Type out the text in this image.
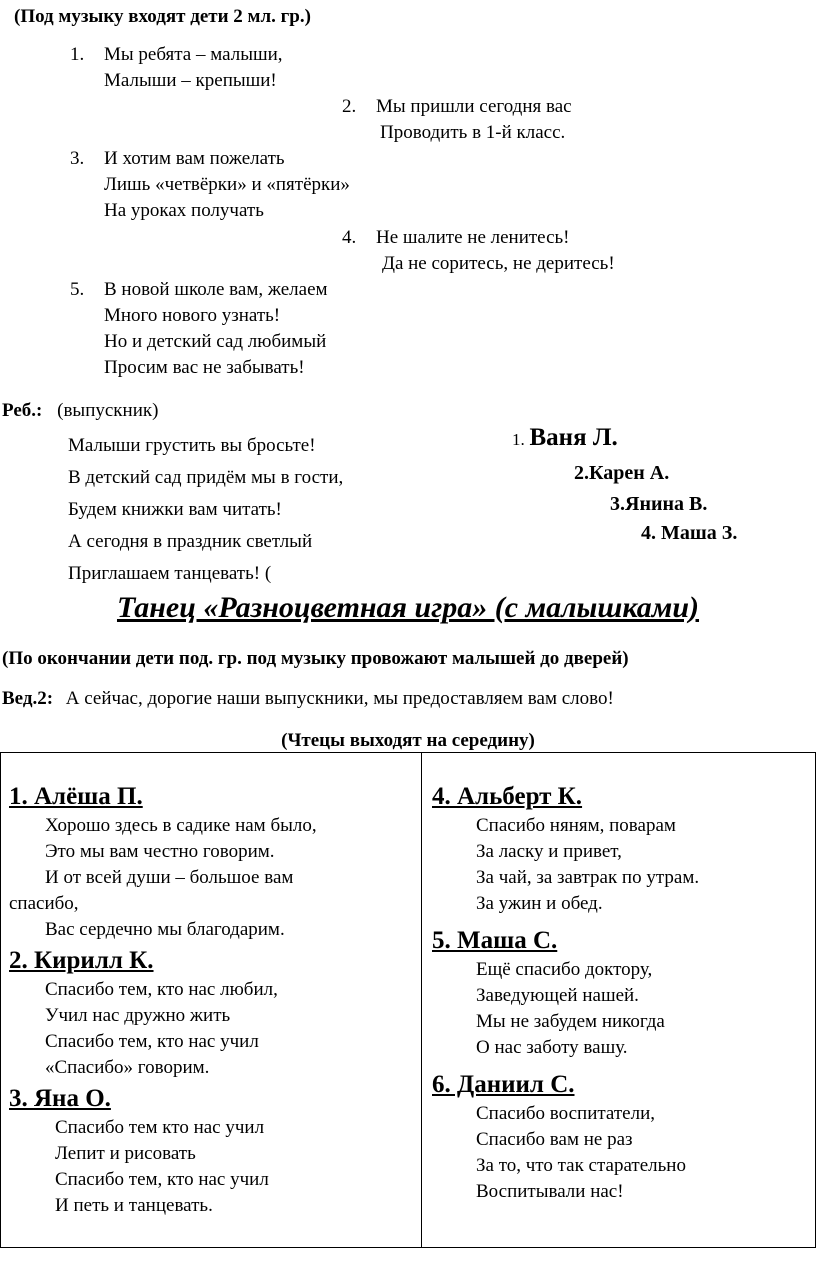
(Под музыку входят дети 2 мл. гр.)
1. Мы ребята – малыши,
Малыши – крепыши!
2. Мы пришли сегодня вас
Проводить в 1-й класс.
3. И хотим вам пожелать
Лишь «четвёрки» и «пятёрки»
На уроках получать
4. Не шалите не ленитесь!
Да не соритесь, не деритесь!
5. В новой школе вам, желаем
Много нового узнать!
Но и детский сад любимый
Просим вас не забывать!
Реб.: (выпускник)
Малыши грустить вы бросьте!
В детский сад придём мы в гости,
Будем книжки вам читать!
А сегодня в праздник светлый
Приглашаем танцевать! (
1. Ваня Л.
2.Карен А.
3.Янина В.
4. Маша З.
Танец «Разноцветная игра» (с малышками)
(По окончании дети под. гр. под музыку провожают малышей до дверей)
Вед.2: А сейчас, дорогие наши выпускники, мы предоставляем вам слово!
(Чтецы выходят на середину)
1. Алёша П.
Хорошо здесь в садике нам было,
Это мы вам честно говорим.
И от всей души – большое вам
спасибо,
Вас сердечно мы благодарим.
2. Кирилл К.
Спасибо тем, кто нас любил,
Учил нас дружно жить
Спасибо тем, кто нас учил
«Спасибо» говорим.
3. Яна О.
Спасибо тем кто нас учил
Лепит и рисовать
Спасибо тем, кто нас учил
И петь и танцевать.

4. Альберт К.
Спасибо няням, поварам
За ласку и привет,
За чай, за завтрак по утрам.
За ужин и обед.
5. Маша С.
Ещё спасибо доктору,
Заведующей нашей.
Мы не забудем никогда
О нас заботу вашу.
6. Даниил С.
Спасибо воспитатели,
Спасибо вам не раз
За то, что так старательно
Воспитывали нас!
